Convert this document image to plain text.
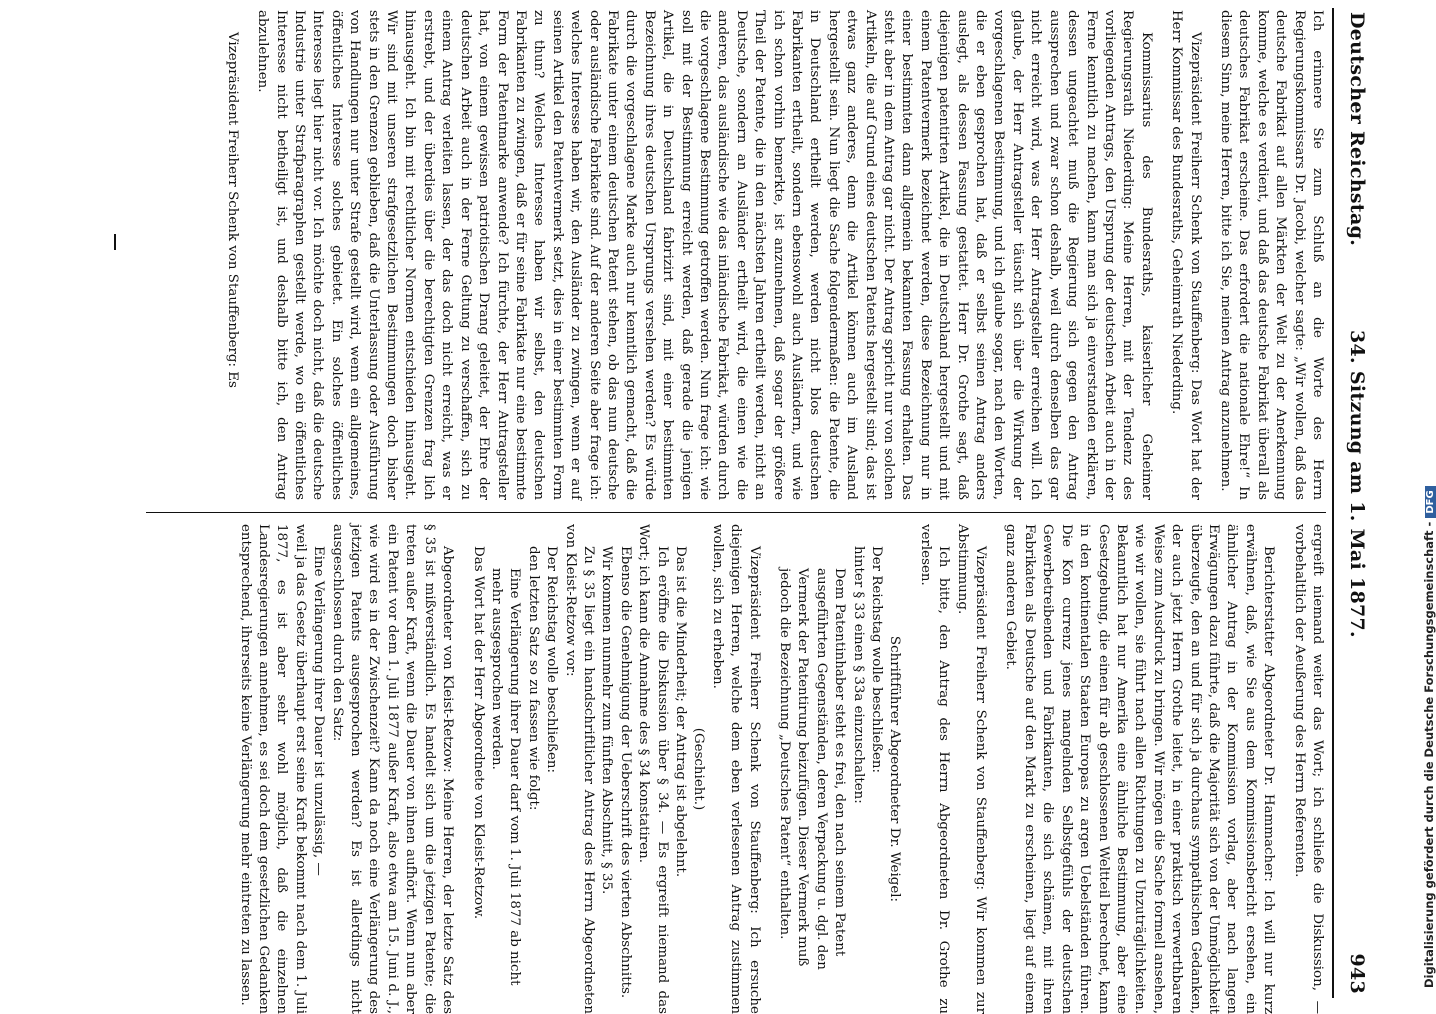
Deutscher Reichstag.
34. Sitzung am 1. Mai 1877.
943

Ich erinnere Sie zum Schluß an die Worte des Herrn Regierungskommissars Dr. Jacobi, welcher sagte: „Wir wollen, daß das deutsche Fabrikat auf allen Märkten der Welt zu der Anerkennung komme, welche es verdient, und daß das deutsche Fabrikat überall als deutsches Fabrikat erscheine. Das erfordert die nationale Ehre!“ In diesem Sinn, meine Herren, bitte ich Sie, meinen Antrag anzunehmen.

Vizepräsident Freiherr Schenk von Stauffenberg: Das Wort hat der Herr Kommissar des Bundesraths, Geheimrath Niederding.

Kommissarius des Bundesraths, kaiserlicher Geheimer Regierungsrath Niederding: Meine Herren, mit der Tendenz des vorliegenden Antrags, den Ursprung der deutschen Arbeit auch in der Ferne kenntlich zu machen, kann man sich ja einverstanden erklären, dessen ungeachtet muß die Regierung sich gegen den Antrag aussprechen und zwar schon deshalb, weil durch denselben das gar nicht erreicht wird, was der Herr Antragsteller erreichen will. Ich glaube, der Herr Antragsteller täuscht sich über die Wirkung der vorgeschlagenen Bestimmung, und ich glaube sogar, nach den Worten, die er eben gesprochen hat, daß er selbst seinen Antrag anders auslegt, als dessen Fassung gestattet. Herr Dr. Grothe sagt, daß diejenigen patentirten Artikel, die in Deutschland hergestellt und mit einem Patentvermerk bezeichnet werden, diese Bezeichnung nur in einer bestimmten dann allgemein bekannten Fassung erhalten. Das steht aber in dem Antrag gar nicht. Der Antrag spricht nur von solchen Artikeln, die auf Grund eines deutschen Patents hergestellt sind; das ist etwas ganz anderes, denn die Artikel können auch im Ausland hergestellt sein. Nun liegt die Sache folgendermaßen: die Patente, die in Deutschland ertheilt werden, werden nicht blos deutschen Fabrikanten ertheilt, sondern ebensowohl auch Ausländern, und wie ich schon vorhin bemerkte, ist anzunehmen, daß sogar der größere Theil der Patente, die in den nächsten Jahren ertheilt werden, nicht an Deutsche, sondern an Ausländer ertheilt wird, die einen wie die anderen, das ausländische wie das inländische Fabrikat, würden durch die vorgeschlagene Bestimmung getroffen werden. Nun frage ich: wie soll mit der Bestimmung erreicht werden, daß gerade die jenigen Artikel, die in Deutschland fabrizirt sind, mit einer bestimmten Bezeichnung ihres deutschen Ursprungs versehen werden? Es würde durch die vorgeschlagene Marke auch nur kenntlich gemacht, daß die Fabrikate unter einem deutschen Patent stehen, ob das nun deutsche oder ausländische Fabrikate sind. Auf der anderen Seite aber frage ich: welches Interesse haben wir, den Ausländer zu zwingen, wenn er auf seinen Artikel den Patentvermerk setzt, dies in einer bestimmten Form zu thun? Welches Interesse haben wir selbst, den deutschen Fabrikanten zu zwingen, daß er für seine Fabrikate nur eine bestimmte Form der Patentmarke anwende? Ich fürchte, der Herr Antragsteller hat, von einem gewissen patriotischen Drang geleitet, der Ehre der deutschen Arbeit auch in der Ferne Geltung zu verschaffen, sich zu einem Antrag verleiten lassen, der das doch nicht erreicht, was er erstrebt, und der überdies über die berechtigten Grenzen frag lich hinausgeht. Ich bin mit rechtlicher Normen entschieden hinausgeht. Wir sind mit unseren strafgesetzlichen Bestimmungen doch bisher stets in den Grenzen geblieben, daß die Unterlassung oder Ausführung von Handlungen nur unter Strafe gestellt wird, wenn ein allgemeines, öffentliches Interesse solches gebietet. Ein solches öffentliches Interesse liegt hier nicht vor. Ich möchte doch nicht, daß die deutsche Industrie unter Strafparagraphen gestellt werde, wo ein öffentliches Interesse nicht betheiligt ist, und deshalb bitte ich, den Antrag abzulehnen.

Vizepräsident Freiherr Schenk von Stauffenberg: Es

ergreift niemand weiter das Wort; ich schließe die Diskussion, — vorbehaltlich der Aeußerung des Herrn Referenten.

Berichterstatter Abgeordneter Dr. Hammacher: Ich will nur kurz erwähnen, daß, wie Sie aus dem Kommissionsbericht ersehen, ein ähnlicher Antrag in der Kommission vorlag, aber nach langen Erwägungen dazu führte, daß die Majorität sich von der Unmöglichkeit überzeugte, den an und für sich ja durchaus sympathischen Gedanken, der auch jetzt Herrn Grothe leitet, in einer praktisch verwerthbaren Weise zum Ausdruck zu bringen. Wir mögen die Sache formell ansehen, wie wir wollen, sie führt nach allen Richtungen zu Unzuträglichkeiten. Bekanntlich hat nur Amerika eine ähnliche Bestimmung, aber eine Gesetzgebung, die einen für ab geschlossenen Weltteil berechnet, kann in den kontinentalen Staaten Europas zu argen Uebelständen führen. Die Kon currenz jenes mangelnden Selbstgefühls der deutschen Gewerbetreibenden und Fabrikanten, die sich schämen, mit ihren Fabrikaten als Deutsche auf den Markt zu erscheinen, liegt auf einem ganz anderen Gebiet.

Vizepräsident Freiherr Schenk von Stauffenberg: Wir kommen zur Abstimmung.

Ich bitte, den Antrag des Herrn Abgeordneten Dr. Grothe zu verlesen.

Schriftführer Abgeordneter Dr. Weigel:

Der Reichstag wolle beschließen:

hinter § 33 einen § 33a einzuschalten:

Dem Patentinhaber steht es frei, den nach seinem Patent ausgeführten Gegenständen, deren Verpackung u. dgl. den Vermerk der Patentirung beizufügen. Dieser Vermerk muß jedoch die Bezeichnung „Deutsches Patent“ enthalten.

Vizepräsident Freiherr Schenk von Stauffenberg: Ich ersuche diejenigen Herren, welche dem eben verlesenen Antrag zustimmen wollen, sich zu erheben.

(Geschieht.)

Das ist die Minderheit; der Antrag ist abgelehnt.

Ich eröffne die Diskussion über § 34. — Es ergreift niemand das Wort; ich kann die Annahme des § 34 konstatiren.

Ebenso die Genehmigung der Ueberschrift des vierten Abschnitts.

Wir kommen nunmehr zum fünften Abschnitt, § 35.

Zu § 35 liegt ein handschriftlicher Antrag des Herrn Abgeordneten von Kleist-Retzow vor:

Der Reichstag wolle beschließen:

den letzten Satz so zu fassen wie folgt:

Eine Verlängerung ihrer Dauer darf vom 1. Juli 1877 ab nicht mehr ausgesprochen werden.

Das Wort hat der Herr Abgeordnete von Kleist-Retzow.

Abgeordneter von Kleist-Retzow: Meine Herren, der letzte Satz des § 35 ist mißverständlich. Es handelt sich um die jetzigen Patente; die treten außer Kraft, wenn die Dauer von ihnen aufhört. Wenn nun aber ein Patent vor dem 1. Juli 1877 außer Kraft, also etwa am 15. Juni d. J., wie wird es in der Zwischenzeit? Kann da noch eine Verlängerung des jetzigen Patents ausgesprochen werden? Es ist allerdings nicht ausgeschlossen durch den Satz:

Eine Verlängerung ihrer Dauer ist unzulässig, —

weil ja das Gesetz überhaupt erst seine Kraft bekommt nach dem 1. Juli 1877, es ist aber sehr wohl möglich, daß die einzelnen Landesregierungen annehmen, es sei doch dem gesetzlichen Gedanken entsprechend, ihrerseits keine Verlängerung mehr eintreten zu lassen.	Digitalisierung gefördert durch die Deutsche Forschungsgemeinschaft -DFG
